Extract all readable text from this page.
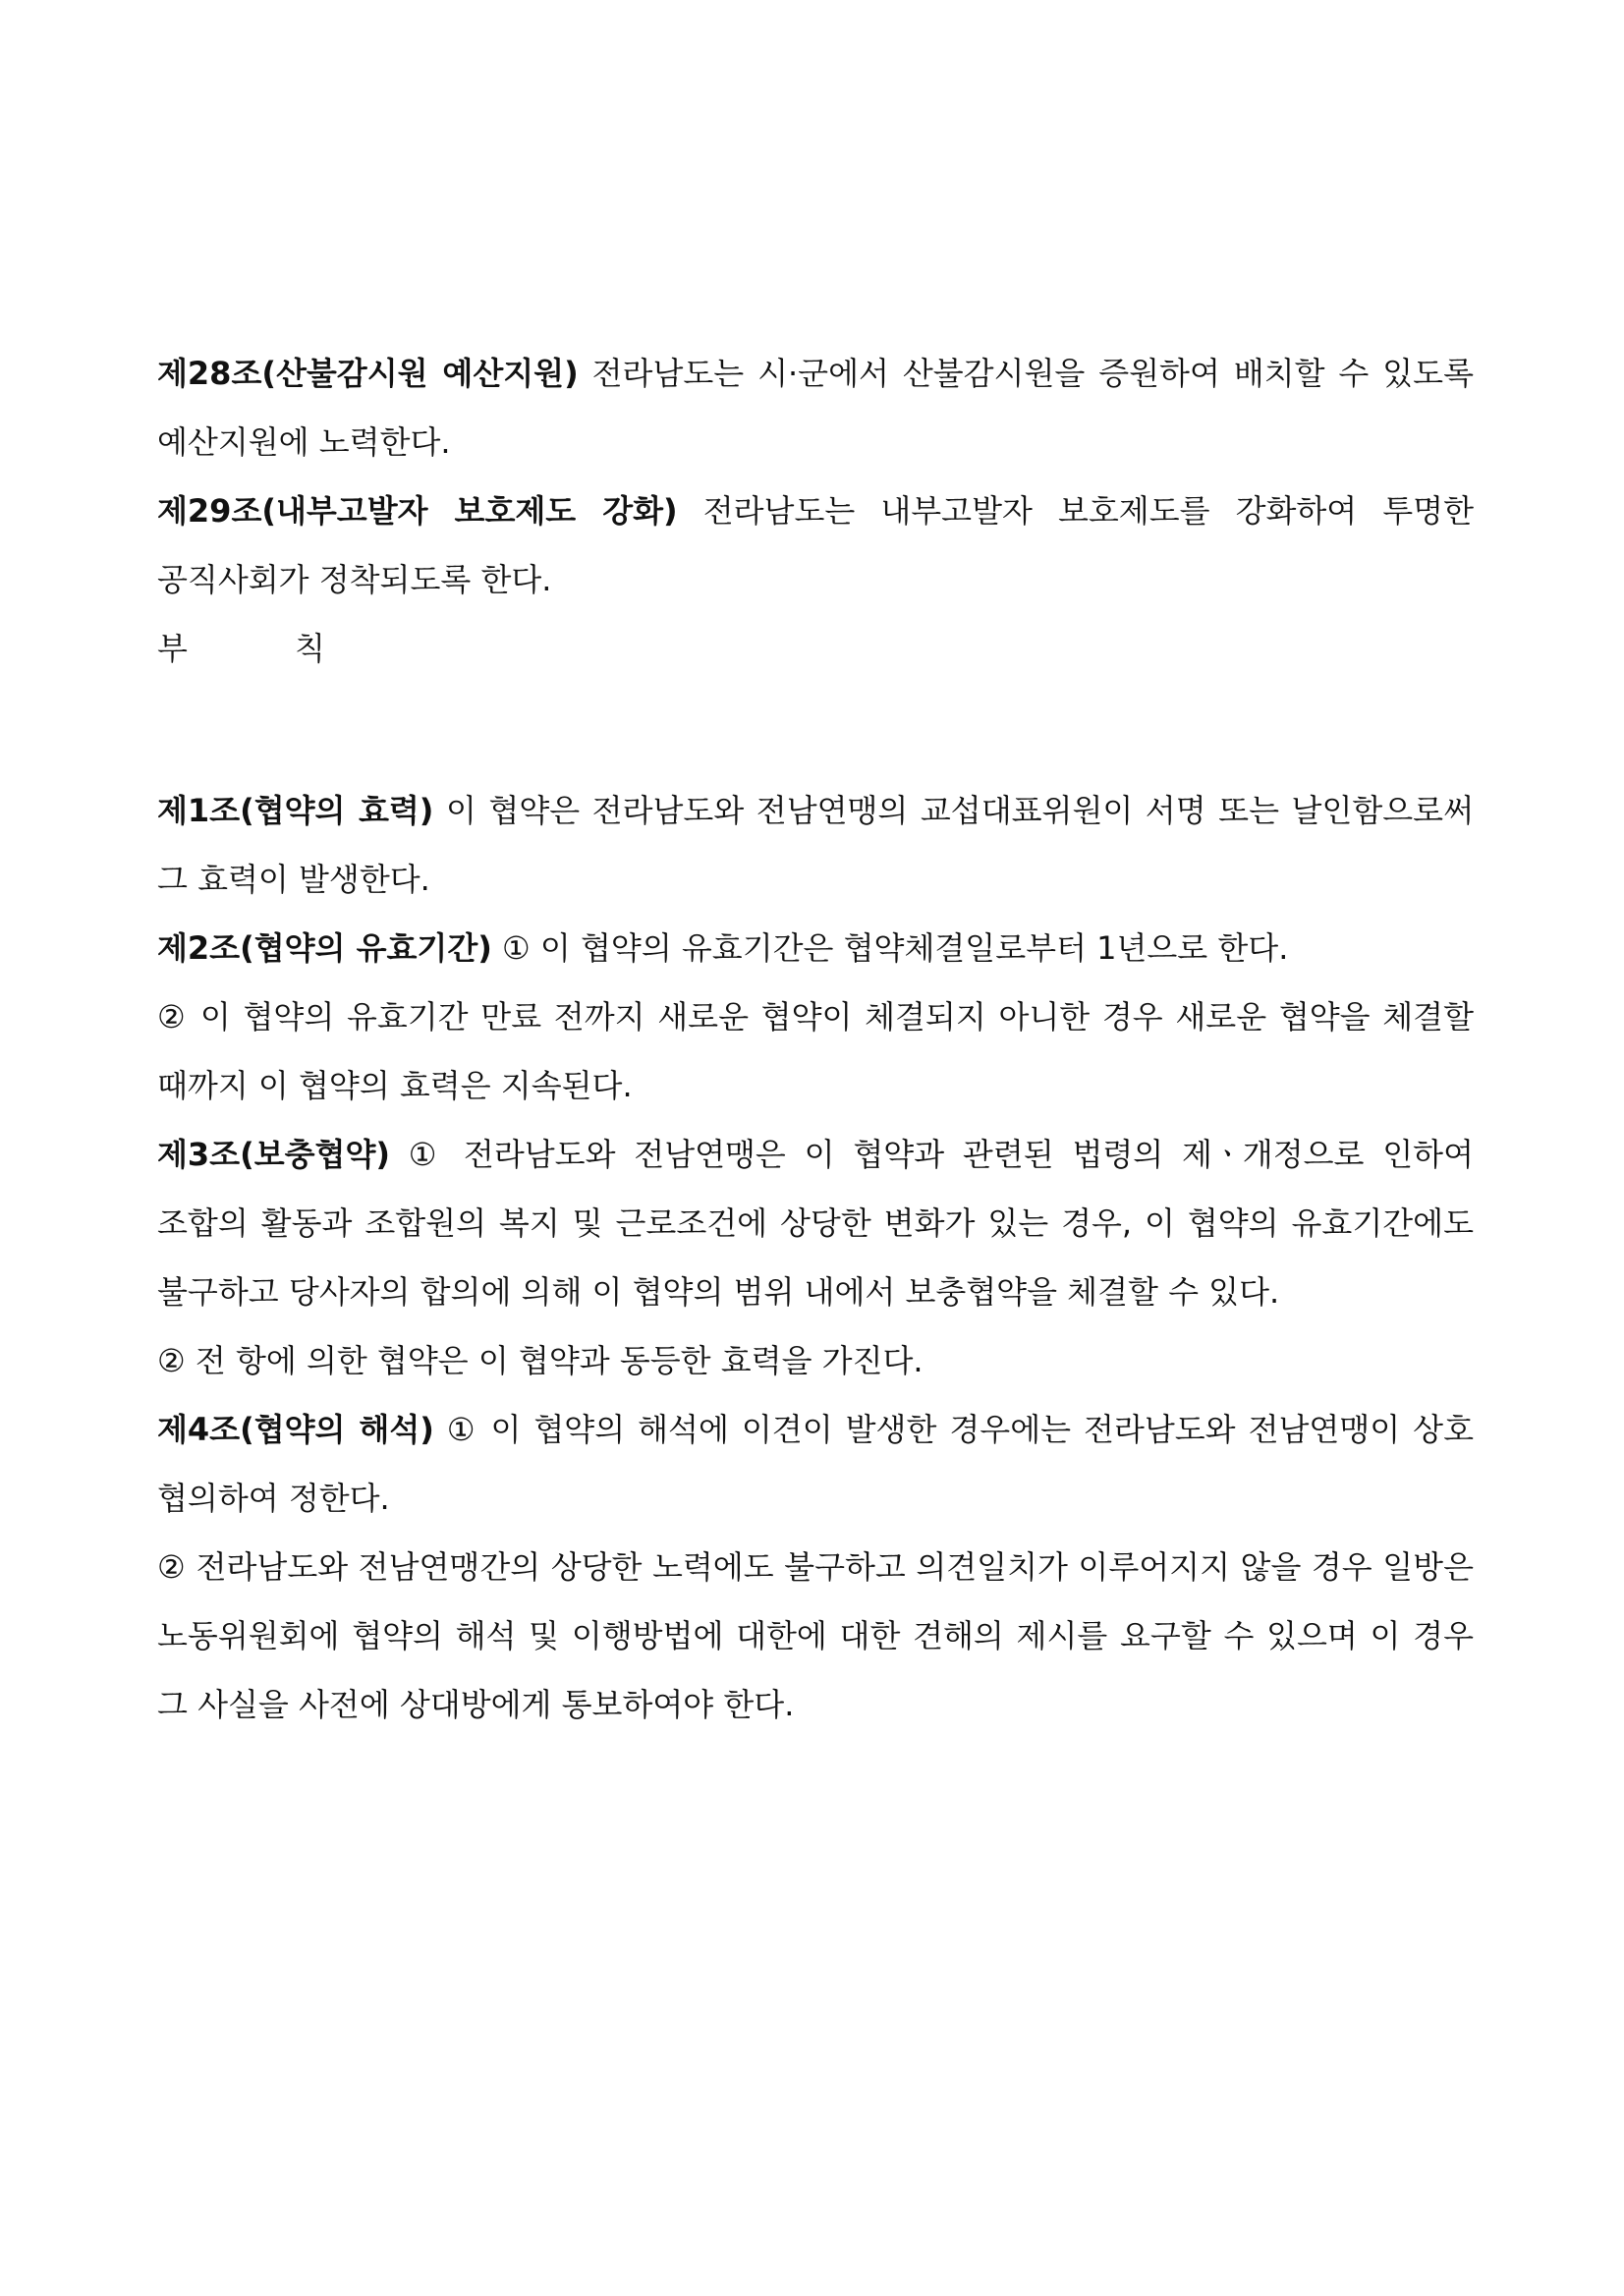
제28조(산불감시원 예산지원) 전라남도는 시·군에서 산불감시원을 증원하여 배치할 수 있도록 예산지원에 노력한다.

제29조(내부고발자 보호제도 강화) 전라남도는 내부고발자 보호제도를 강화하여 투명한 공직사회가 정착되도록 한다.

부	칙

제1조(협약의 효력) 이 협약은 전라남도와 전남연맹의 교섭대표위원이 서명 또는 날인함으로써 그 효력이 발생한다.

제2조(협약의 유효기간) ① 이 협약의 유효기간은 협약체결일로부터 1년으로 한다.

② 이 협약의 유효기간 만료 전까지 새로운 협약이 체결되지 아니한 경우 새로운 협약을 체결할 때까지 이 협약의 효력은 지속된다.

제3조(보충협약) ① 전라남도와 전남연맹은 이 협약과 관련된 법령의 제ㆍ개정으로 인하여 조합의 활동과 조합원의 복지 및 근로조건에 상당한 변화가 있는 경우, 이 협약의 유효기간에도 불구하고 당사자의 합의에 의해 이 협약의 범위 내에서 보충협약을 체결할 수 있다.

② 전 항에 의한 협약은 이 협약과 동등한 효력을 가진다.

제4조(협약의 해석) ① 이 협약의 해석에 이견이 발생한 경우에는 전라남도와 전남연맹이 상호 협의하여 정한다.

② 전라남도와 전남연맹간의 상당한 노력에도 불구하고 의견일치가 이루어지지 않을 경우 일방은 노동위원회에 협약의 해석 및 이행방법에 대한에 대한 견해의 제시를 요구할 수 있으며 이 경우 그 사실을 사전에 상대방에게 통보하여야 한다.
